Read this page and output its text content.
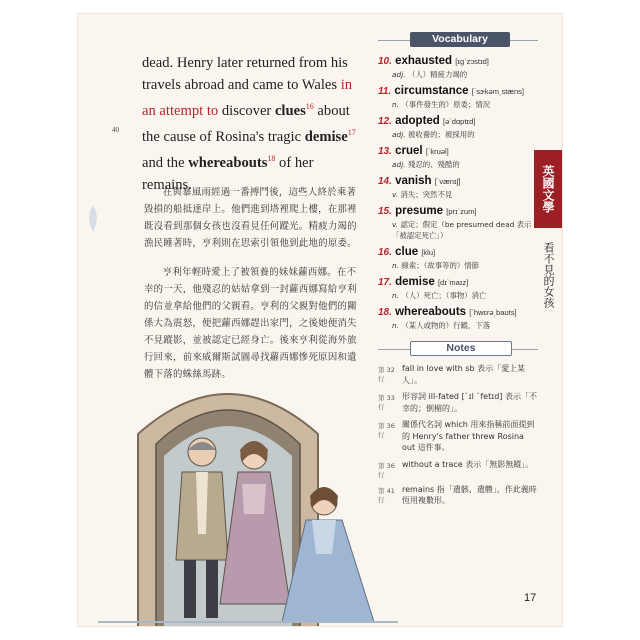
dead. Henry later returned from his travels abroad and came to Wales in an attempt to discover clues$^{16}$ about the cause of Rosina's tragic demise$^{17}$ and the whereabouts$^{18}$ of her remains.

40

在與暴風雨經過一番搏鬥後，這些人終於乘著毀損的船抵達岸上。他們進到塔裡爬上樓，在那裡既沒看到那個女孩也沒看見任何蹤光。精疲力竭的漁民睡著時，亨利則在思索引領他到此地的原委。

亨利年輕時愛上了被領養的妹妹蘿西娜。在不幸的一天，他殘忍的姑姑拿到一封蘿西娜寫給亨利的信並拿給他們的父親看。亨利的父親對他們的關係大為震怒，便把蘿西娜趕出家門，之後她便消失不見蹤影，並被認定已經身亡。後來亨利從海外旅行回來，前來威爾斯試圖尋找蘿西娜慘死原因和遺體下落的蛛絲馬跡。

Vocabulary
10. exhausted [ɪgˋzɔstɪd]
adj. （人）精疲力竭的
11. circumstance [ˋsɝkəm͵stæns]
n. （事件發生的）原委；情況
12. adopted [əˋdɑptɪd]
adj. 被收養的；被採用的
13. cruel [ˋkruəl]
adj. 殘忍的、殘酷的
14. vanish [ˋvænɪʃ]
v. 消失；突然不見
15. presume [prɪˋzum]
v. 認定；假定（be presumed dead 表示「被認定死亡」）
16. clue [klu]
n. 線索；（故事等的）情節
17. demise [dɪˋmaɪz]
n. （人）死亡；（事物）消亡
18. whereabouts [ˋhwɛrə͵baʊts]
n. （某人或物的）行蹤、下落
Notes
第 32 行
fall in love with sb 表示「愛上某人」。
第 33 行
形容詞 ill-fated [ˋɪl ˋfetɪd] 表示「不幸的；倒楣的」。
第 36 行
關係代名詞 which 用來指稱前面提到的 Henry's father threw Rosina out 這件事。
第 36 行
without a trace 表示「無影無蹤」。
第 41 行
remains 指「遺骸、遺體」，作此義時恆用複數形。
英國文學
看不見的女孩
17
